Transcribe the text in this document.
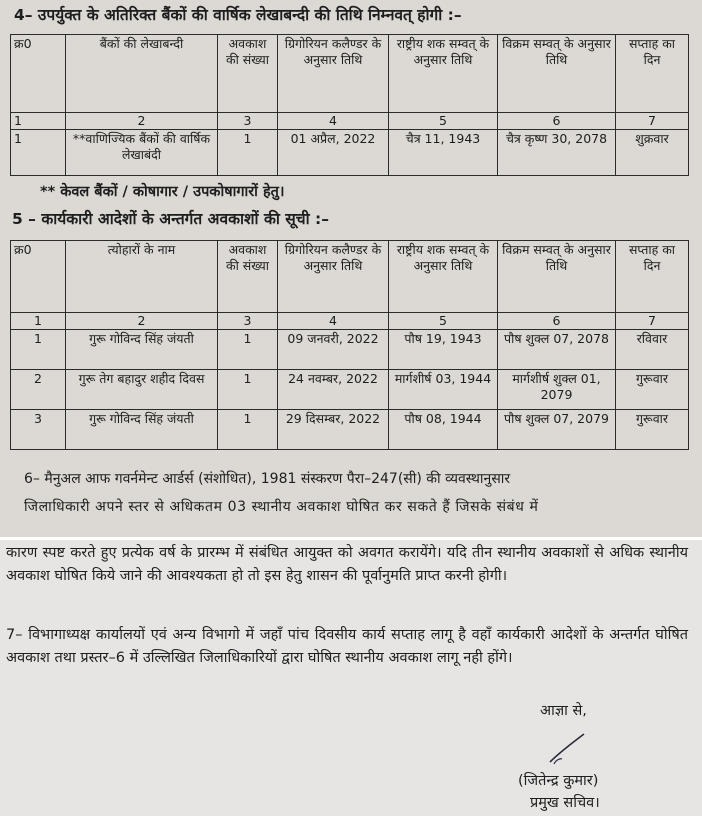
4– उपर्युक्त के अतिरिक्त बैंकों की वार्षिक लेखाबन्दी की तिथि निम्नवत् होगी :–
क्र0	बैंकों की लेखाबन्दी	अवकाश की संख्या	ग्रिगोरियन कलैण्डर के अनुसार तिथि	राष्ट्रीय शक सम्वत् के अनुसार तिथि	विक्रम सम्वत् के अनुसार तिथि	सप्ताह का दिन
1	2	3	4	5	6	7
1	**वाणिज्यिक बैंकों की वार्षिक लेखाबंदी	1	01 अप्रैल, 2022	चैत्र 11, 1943	चैत्र कृष्ण 30, 2078	शुक्रवार
** केवल बैंकों / कोषागार / उपकोषागारों हेतु।
5 – कार्यकारी आदेशों के अन्तर्गत अवकाशों की सूची :–
क्र0	त्योहारों के नाम	अवकाश की संख्या	ग्रिगोरियन कलैण्डर के अनुसार तिथि	राष्ट्रीय शक सम्वत् के अनुसार तिथि	विक्रम सम्वत् के अनुसार तिथि	सप्ताह का दिन
1	2	3	4	5	6	7
1	गुरू गोविन्द सिंह जंयती	1	09 जनवरी, 2022	पौष 19, 1943	पौष शुक्ल 07, 2078	रविवार
2	गुरू तेग बहादुर शहीद दिवस	1	24 नवम्बर, 2022	मार्गशीर्ष 03, 1944	मार्गशीर्ष शुक्ल 01, 2079	गुरूवार
3	गुरू गोविन्द सिंह जंयती	1	29 दिसम्बर, 2022	पौष 08, 1944	पौष शुक्ल 07, 2079	गुरूवार
6– मैनुअल आफ गवर्नमेन्ट आर्डर्स (संशोधित), 1981 संस्करण पैरा–247(सी) की व्यवस्थानुसार
जिलाधिकारी अपने स्तर से अधिकतम 03 स्थानीय अवकाश घोषित कर सकते हैं जिसके संबंध में
कारण स्पष्ट करते हुए प्रत्येक वर्ष के प्रारम्भ में संबंधित आयुक्त को अवगत करायेंगे। यदि तीन स्थानीय अवकाशों से अधिक स्थानीय अवकाश घोषित किये जाने की आवश्यकता हो तो इस हेतु शासन की पूर्वानुमति प्राप्त करनी होगी।
7– विभागाध्यक्ष कार्यालयों एवं अन्य विभागो में जहाँ पांच दिवसीय कार्य सप्ताह लागू है वहाँ कार्यकारी आदेशों के अन्तर्गत घोषित अवकाश तथा प्रस्तर–6 में उल्लिखित जिलाधिकारियों द्वारा घोषित स्थानीय अवकाश लागू नही होंगे।
आज्ञा से,
(जितेन्द्र कुमार)
प्रमुख सचिव।
